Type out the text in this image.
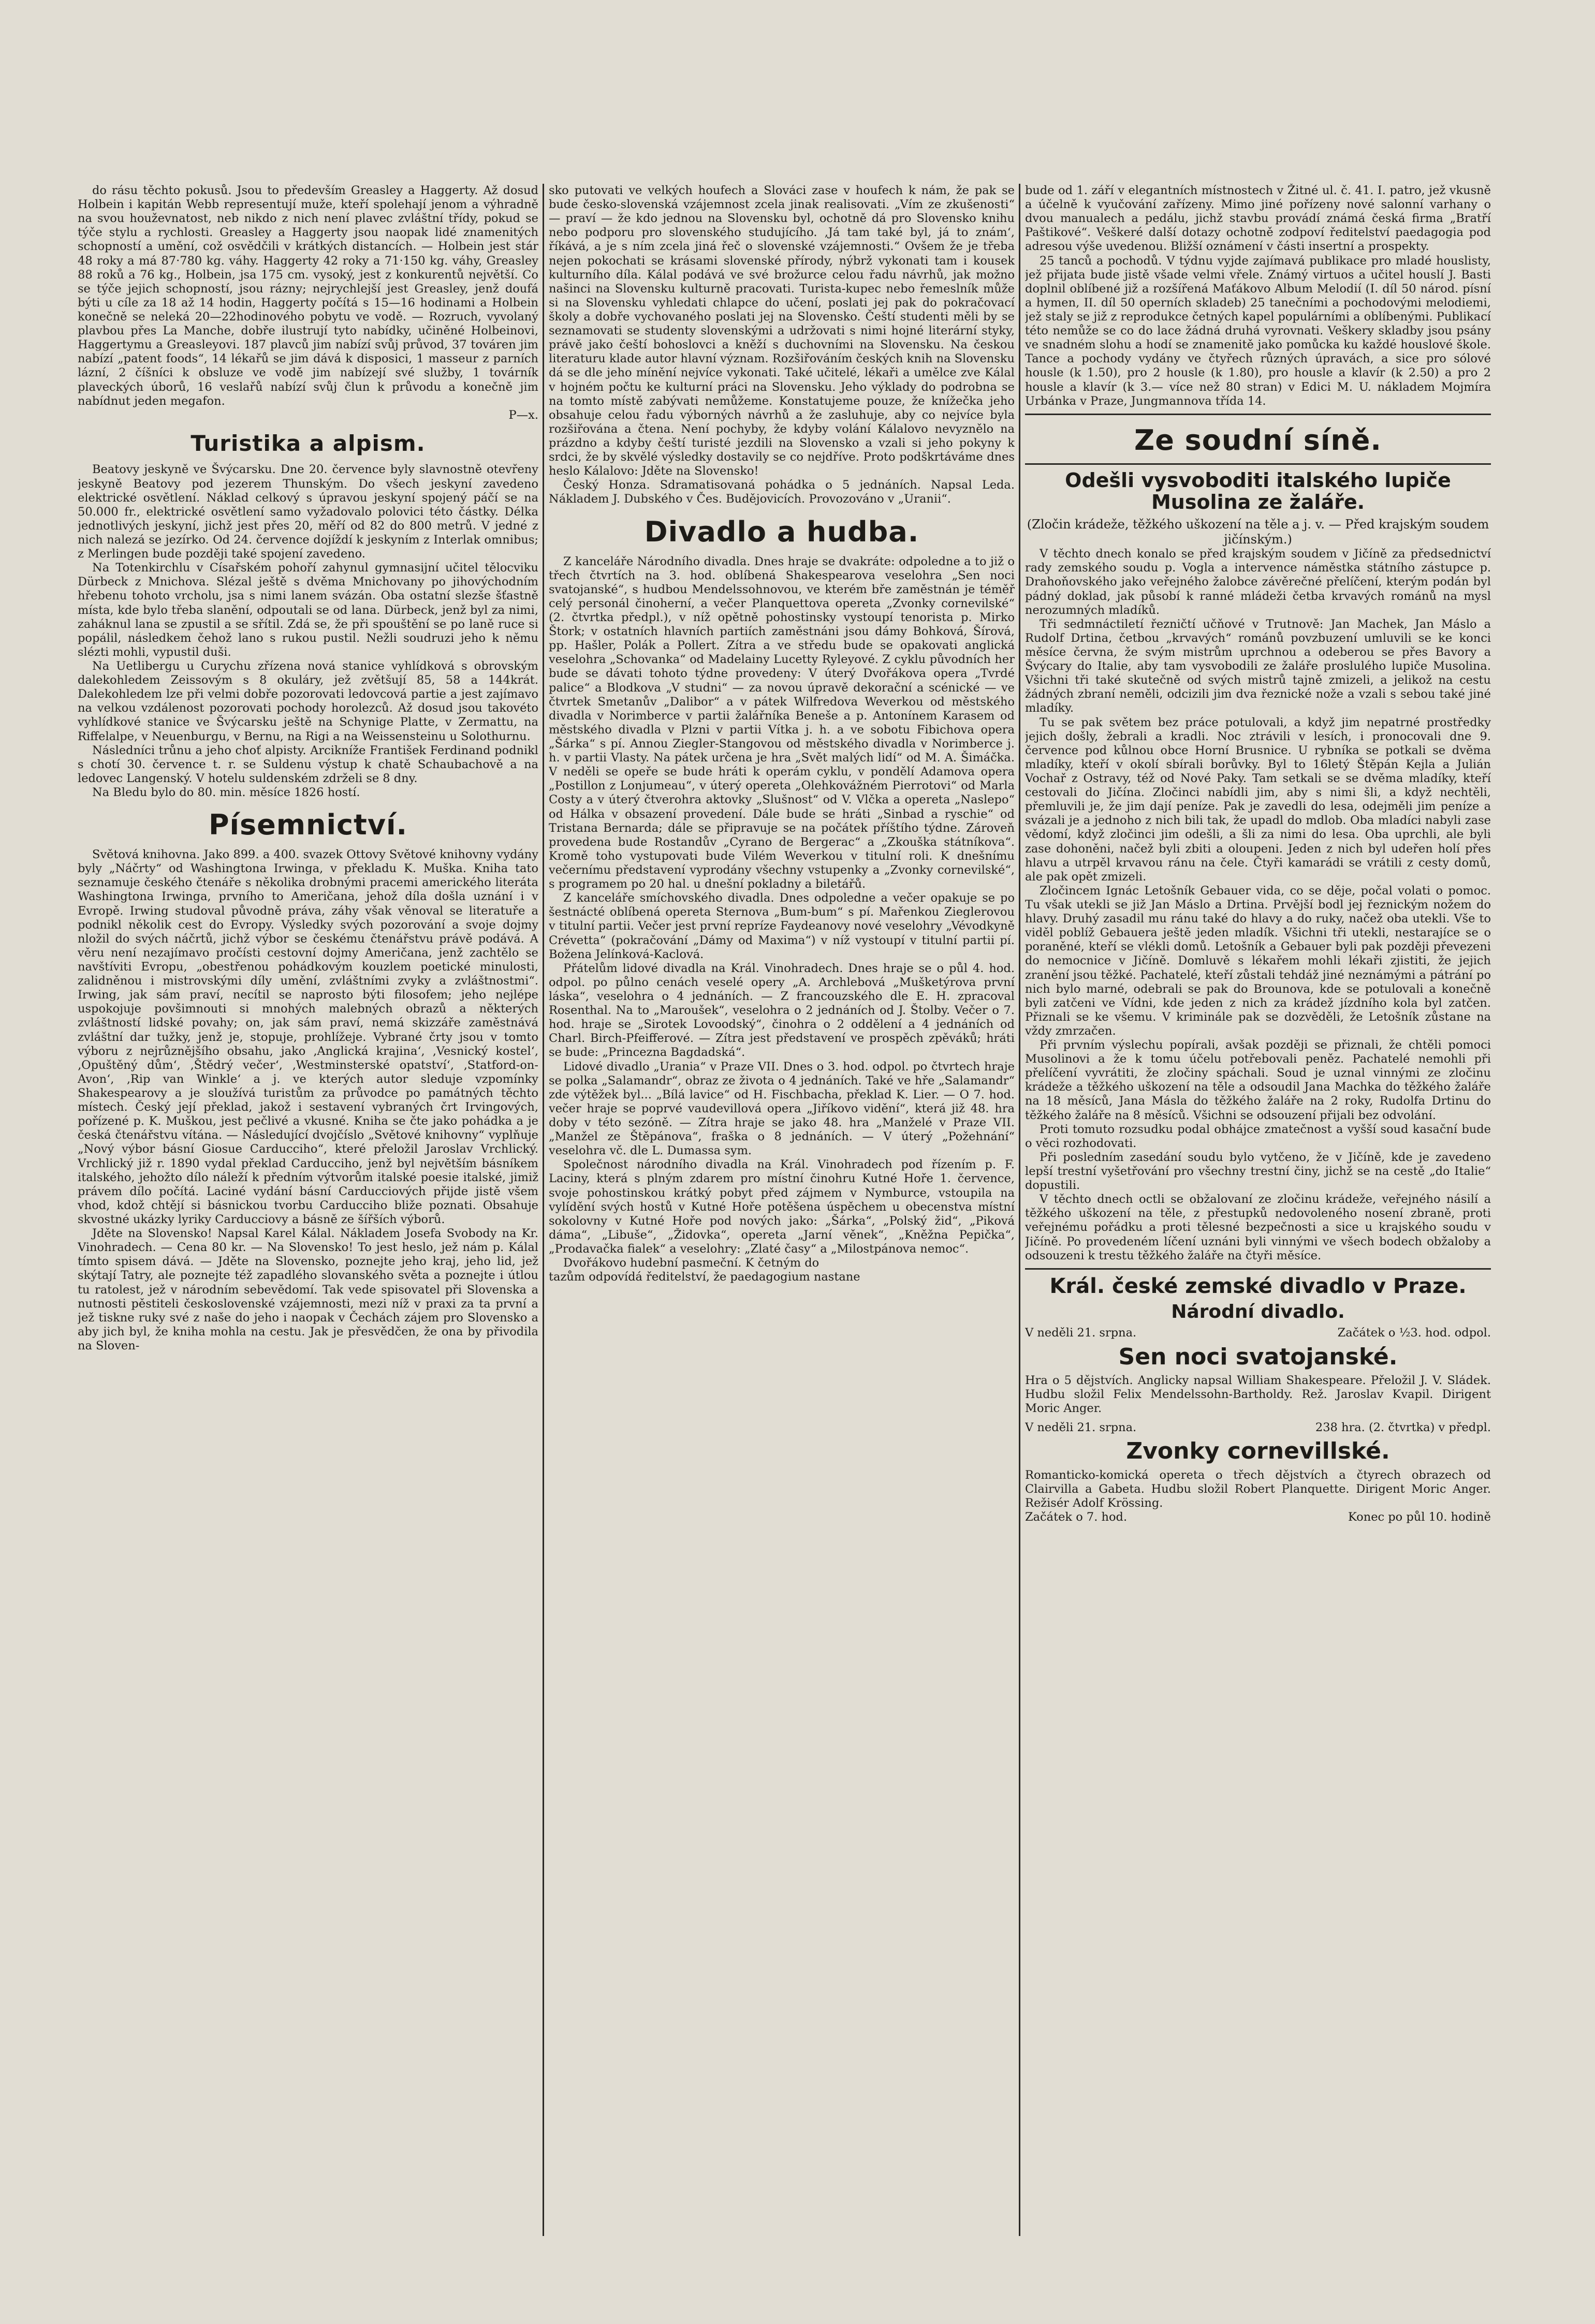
do rásu těchto pokusů. Jsou to především Greasley a Haggerty. Až dosud Holbein i kapitán Webb representují muže, kteří spolehají jenom a výhradně na svou houževnatost, neb nikdo z nich není plavec zvláštní třídy, pokud se týče stylu a rychlosti. Greasley a Haggerty jsou naopak lidé znamenitých schopností a umění, což osvědčili v krátkých distancích. — Holbein jest stár 48 roky a má 87·780 kg. váhy. Haggerty 42 roky a 71·150 kg. váhy, Greasley 88 roků a 76 kg., Holbein, jsa 175 cm. vysoký, jest z konkurentů největší. Co se týče jejich schopností, jsou rázny; nejrychlejší jest Greasley, jenž doufá býti u cíle za 18 až 14 hodin, Haggerty počítá s 15—16 hodinami a Holbein konečně se neleká 20—22hodinového pobytu ve vodě. — Rozruch, vyvolaný plavbou přes La Manche, dobře ilustrují tyto nabídky, učiněné Holbeinovi, Haggertymu a Greasleyovi. 187 plavců jim nabízí svůj průvod, 37 továren jim nabízí „patent foods“, 14 lékařů se jim dává k disposici, 1 masseur z parních lázní, 2 číšníci k obsluze ve vodě jim nabízejí své služby, 1 továrník plaveckých úborů, 16 veslařů nabízí svůj člun k průvodu a konečně jim nabídnut jeden megafon.

P—x.

Turistika a alpism.

Beatovy jeskyně ve Švýcarsku. Dne 20. července byly slavnostně otevřeny jeskyně Beatovy pod jezerem Thunským. Do všech jeskyní zavedeno elektrické osvětlení. Náklad celkový s úpravou jeskyní spojený páčí se na 50.000 fr., elektrické osvětlení samo vyžadovalo polovici této částky. Délka jednotlivých jeskyní, jichž jest přes 20, měří od 82 do 800 metrů. V jedné z nich nalezá se jezírko. Od 24. července dojíždí k jeskyním z Interlak omnibus; z Merlingen bude později také spojení zavedeno.

Na Totenkirchlu v Císařském pohoří zahynul gymnasijní učitel tělocviku Dürbeck z Mnichova. Slézal ještě s dvěma Mnichovany po jihovýchodním hřebenu tohoto vrcholu, jsa s nimi lanem svázán. Oba ostatní slezše šťastně místa, kde bylo třeba slanění, odpoutali se od lana. Dürbeck, jenž byl za nimi, zaháknul lana se zpustil a se sřítil. Zdá se, že při spouštění se po laně ruce si popálil, následkem čehož lano s rukou pustil. Nežli soudruzi jeho k němu slézti mohli, vypustil duši.

Na Uetlibergu u Curychu zřízena nová stanice vyhlídková s obrovským dalekohledem Zeissovým s 8 okuláry, jež zvětšují 85, 58 a 144krát. Dalekohledem lze při velmi dobře pozorovati ledovcová partie a jest zajímavo na velkou vzdálenost pozorovati pochody horolezců. Až dosud jsou takovéto vyhlídkové stanice ve Švýcarsku ještě na Schynige Platte, v Zermattu, na Riffelalpe, v Neuenburgu, v Bernu, na Rigi a na Weissensteinu u Solothurnu.

Následníci trůnu a jeho choť alpisty. Arcikníže František Ferdinand podnikl s chotí 30. července t. r. se Suldenu výstup k chatě Schaubachově a na ledovec Langenský. V hotelu suldenském zdrželi se 8 dny.

Na Bledu bylo do 80. min. měsíce 1826 hostí.

Písemnictví.

Světová knihovna. Jako 899. a 400. svazek Ottovy Světové knihovny vydány byly „Náčrty“ od Washingtona Irwinga, v překladu K. Muška. Kniha tato seznamuje českého čtenáře s několika drobnými pracemi amerického literáta Washingtona Irwinga, prvního to Američana, jehož díla došla uznání i v Evropě. Irwing studoval původně práva, záhy však věnoval se literatuře a podnikl několik cest do Evropy. Výsledky svých pozorování a svoje dojmy nložil do svých náčrtů, jichž výbor se českému čtenářstvu právě podává. A věru není nezajímavo pročísti cestovní dojmy Američana, jenž zachtělo se navštíviti Evropu, „obestřenou pohádkovým kouzlem poetické minulosti, zalidněnou i mistrovskými díly umění, zvláštními zvyky a zvláštnostmi“. Irwing, jak sám praví, necítil se naprosto býti filosofem; jeho nejlépe uspokojuje povšimnouti si mnohých malebných obrazů a některých zvláštností lidské povahy; on, jak sám praví, nemá skizzáře zaměstnává zvláštní dar tužky, jenž je, stopuje, prohlížeje. Vybrané črty jsou v tomto výboru z nejrůznějšího obsahu, jako ‚Anglická krajina‘, ‚Vesnický kostel‘, ‚Opuštěný dům‘, ‚Štědrý večer‘, ‚Westminsterské opatství‘, ‚Statford-on-Avon‘, ‚Rip van Winkle‘ a j. ve kterých autor sleduje vzpomínky Shakespearovy a je sloužívá turistům za průvodce po památných těchto místech. Český její překlad, jakož i sestavení vybraných črt Irvingových, pořízené p. K. Muškou, jest pečlivé a vkusné. Kniha se čte jako pohádka a je česká čtenářstvu vítána. — Následující dvojčíslo „Světové knihovny“ vyplňuje „Nový výbor básní Giosue Carducciho“, které přeložil Jaroslav Vrchlický. Vrchlický již r. 1890 vydal překlad Carducciho, jenž byl největším básníkem italského, jehožto dílo náleží k předním výtvorům italské poesie italské, jimiž právem dílo počítá. Laciné vydání básní Carducciových přijde jistě všem vhod, kdož chtějí si básnickou tvorbu Carducciho bliže poznati. Obsahuje skvostné ukázky lyriky Carducciovy a básně ze šířších výborů.

Jděte na Slovensko! Napsal Karel Kálal. Nákladem Josefa Svobody na Kr. Vinohradech. — Cena 80 kr. — Na Slovensko! To jest heslo, jež nám p. Kálal tímto spisem dává. — Jděte na Slovensko, poznejte jeho kraj, jeho lid, jež skýtají Tatry, ale poznejte též zapadlého slovanského světa a poznejte i útlou tu ratolest, jež v národním sebevědomí. Tak vede spisovatel při Slovenska a nutnosti pěstiteli československé vzájemnosti, mezi níž v praxi za ta první a jež tiskne ruky své z naše do jeho i naopak v Čechách zájem pro Slovensko a aby jich byl, že kniha mohla na cestu. Jak je přesvědčen, že ona by přivodila na Sloven-

sko putovati ve velkých houfech a Slováci zase v houfech k nám, že pak se bude česko-slovenská vzájemnost zcela jinak realisovati. „Vím ze zkušenosti“ — praví — že kdo jednou na Slovensku byl, ochotně dá pro Slovensko knihu nebo podporu pro slovenského studujícího. ‚Já tam také byl, já to znám‘, říkává, a je s ním zcela jiná řeč o slovenské vzájemnosti.“ Ovšem že je třeba nejen pokochati se krásami slovenské přírody, nýbrž vykonati tam i kousek kulturního díla. Kálal podává ve své brožurce celou řadu návrhů, jak možno našinci na Slovensku kulturně pracovati. Turista-kupec nebo řemeslník může si na Slovensku vyhledati chlapce do učení, poslati jej pak do pokračovací školy a dobře vychovaného poslati jej na Slovensko. Čeští studenti měli by se seznamovati se studenty slovenskými a udržovati s nimi hojné literární styky, právě jako čeští bohoslovci a kněží s duchovními na Slovensku. Na českou literaturu klade autor hlavní význam. Rozšiřováním českých knih na Slovensku dá se dle jeho mínění nejvíce vykonati. Také učitelé, lékaři a umělce zve Kálal v hojném počtu ke kulturní práci na Slovensku. Jeho výklady do podrobna se na tomto místě zabývati nemůžeme. Konstatujeme pouze, že knížečka jeho obsahuje celou řadu výborných návrhů a že zasluhuje, aby co nejvíce byla rozšiřována a čtena. Není pochyby, že kdyby volání Kálalovo nevyznělo na prázdno a kdyby čeští turisté jezdili na Slovensko a vzali si jeho pokyny k srdci, že by skvělé výsledky dostavily se co nejdříve. Proto podškrtáváme dnes heslo Kálalovo: Jděte na Slovensko!

Český Honza. Sdramatisovaná pohádka o 5 jednáních. Napsal Leda. Nákladem J. Dubského v Čes. Budějovicích. Provozováno v „Uranii“.

Divadlo a hudba.

Z kanceláře Národního divadla. Dnes hraje se dvakráte: odpoledne a to již o třech čtvrtích na 3. hod. oblíbená Shakespearova veselohra „Sen noci svatojanské“, s hudbou Mendelssohnovou, ve kterém bře zaměstnán je téměř celý personál činoherní, a večer Planquettova opereta „Zvonky cornevilské“ (2. čtvrtka předpl.), v níž opětně pohostinsky vystoupí tenorista p. Mirko Štork; v ostatních hlavních partiích zaměstnáni jsou dámy Bohková, Šírová, pp. Hašler, Polák a Pollert. Zítra a ve středu bude se opakovati anglická veselohra „Schovanka“ od Madelainy Lucetty Ryleyové. Z cyklu původních her bude se dávati tohoto týdne provedeny: V úterý Dvořákova opera „Tvrdé palice“ a Blodkova „V studni“ — za novou úpravě dekorační a scénické — ve čtvrtek Smetanův „Dalibor“ a v pátek Wilfredova Weverkou od městského divadla v Norimberce v partii žalářníka Beneše a p. Antonínem Karasem od městského divadla v Plzni v partii Vítka j. h. a ve sobotu Fibichova opera „Šárka“ s pí. Annou Ziegler-Stangovou od městského divadla v Norimberce j. h. v partii Vlasty. Na pátek určena je hra „Svět malých lidí“ od M. A. Šimáčka. V neděli se opeře se bude hráti k operám cyklu, v pondělí Adamova opera „Postillon z Lonjumeau“, v úterý opereta „Olehkovážném Pierrotovi“ od Marla Costy a v úterý čtverohra aktovky „Slušnost“ od V. Vlčka a opereta „Naslepo“ od Hálka v obsazení provedení. Dále bude se hráti „Sinbad a ryschie“ od Tristana Bernarda; dále se připravuje se na počátek příštího týdne. Zároveň provedena bude Rostandův „Cyrano de Bergerac“ a „Zkouška státníkova“. Kromě toho vystupovati bude Vilém Weverkou v titulní roli. K dnešnímu večernímu představení vyprodány všechny vstupenky a „Zvonky cornevilské“, s programem po 20 hal. u dnešní pokladny a biletářů.

Z kanceláře smíchovského divadla. Dnes odpoledne a večer opakuje se po šestnácté oblíbená opereta Sternova „Bum-bum“ s pí. Mařenkou Zieglerovou v titulní partii. Večer jest první repríze Faydeanovy nové veselohry „Vévodkyně Crévetta“ (pokračování „Dámy od Maxima“) v níž vystoupí v titulní partii pí. Božena Jelínková-Kaclová.

Přátelům lidové divadla na Král. Vinohradech. Dnes hraje se o půl 4. hod. odpol. po půlno cenách veselé opery „A. Archlebová „Mušketýrova první láska“, veselohra o 4 jednáních. — Z francouzského dle E. H. zpracoval Rosenthal. Na to „Maroušek“, veselohra o 2 jednáních od J. Štolby. Večer o 7. hod. hraje se „Sirotek Lovoodský“, činohra o 2 oddělení a 4 jednáních od Charl. Birch-Pfeifferové. — Zítra jest představení ve prospěch zpěváků; hráti se bude: „Princezna Bagdadská“.

Lidové divadlo „Urania“ v Praze VII. Dnes o 3. hod. odpol. po čtvrtech hraje se polka „Salamandr“, obraz ze života o 4 jednáních. Také ve hře „Salamandr“ zde výtěžek byl... „Bílá lavice“ od H. Fischbacha, překlad K. Lier. — O 7. hod. večer hraje se poprvé vaudevillová opera „Jiříkovo vidění“, která již 48. hra doby v této sezóně. — Zítra hraje se jako 48. hra „Manželé v Praze VII. „Manžel ze Štěpánova“, fraška o 8 jednáních. — V úterý „Požehnání“ veselohra vč. dle L. Dumassa sym.

Společnost národního divadla na Král. Vinohradech pod řízením p. F. Laciny, která s plným zdarem pro místní činohru Kutné Hoře 1. července, svoje pohostinskou krátký pobyt před zájmem v Nymburce, vstoupila na vylídění svých hostů v Kutné Hoře potěšena úspěchem u obecenstva místní sokolovny v Kutné Hoře pod nových jako: „Šárka“, „Polský žid“, „Piková dáma“, „Libuše“, „Židovka“, opereta „Jarní věnek“, „Kněžna Pepička“, „Prodavačka fialek“ a veselohry: „Zlaté časy“ a „Milostpánova nemoc“.

Dvořákovo hudební pasmeční. K četným do

tazům odpovídá ředitelství, že paedagogium nastane

bude od 1. září v elegantních místnostech v Žitné ul. č. 41. I. patro, jež vkusně a účelně k vyučování zařízeny. Mimo jiné pořízeny nové salonní varhany o dvou manualech a pedálu, jichž stavbu provádí známá česká firma „Bratří Paštikové“. Veškeré další dotazy ochotně zodpoví ředitelství paedagogia pod adresou výše uvedenou. Bližší oznámení v části insertní a prospekty.

25 tanců a pochodů. V týdnu vyjde zajímavá publikace pro mladé houslisty, jež přijata bude jistě všade velmi vřele. Známý virtuos a učitel houslí J. Basti doplnil oblíbené již a rozšířená Maťákovo Album Melodií (I. díl 50 národ. písní a hymen, II. díl 50 operních skladeb) 25 tanečními a pochodovými melodiemi, jež staly se již z reprodukce četných kapel populárními a oblíbenými. Publikací této nemůže se co do lace žádná druhá vyrovnati. Veškery skladby jsou psány ve snadném slohu a hodí se znamenitě jako pomůcka ku každé houslové škole. Tance a pochody vydány ve čtyřech různých úpravách, a sice pro sólové housle (k 1.50), pro 2 housle (k 1.80), pro housle a klavír (k 2.50) a pro 2 housle a klavír (k 3.— více než 80 stran) v Edici M. U. nákladem Mojmíra Urbánka v Praze, Jungmannova třída 14.

Ze soudní síně.
Odešli vysvoboditi italského lupiče Musolina ze žaláře.

(Zločin krádeže, těžkého uškození na těle a j. v. — Před krajským soudem jičínským.)

V těchto dnech konalo se před krajským soudem v Jičíně za předsednictví rady zemského soudu p. Vogla a intervence náměstka státního zástupce p. Drahoňovského jako veřejného žalobce závěrečné přelíčení, kterým podán byl pádný doklad, jak působí k ranné mládeži četba krvavých románů na mysl nerozumných mladíků.

Tři sedmnáctiletí řezničtí učňové v Trutnově: Jan Machek, Jan Máslo a Rudolf Drtina, četbou „krvavých“ románů povzbuzení umluvili se ke konci měsíce června, že svým mistrům uprchnou a odeberou se přes Bavory a Švýcary do Italie, aby tam vysvobodili ze žaláře proslulého lupiče Musolina. Všichni tři také skutečně od svých mistrů tajně zmizeli, a jelikož na cestu žádných zbraní neměli, odcizili jim dva řeznické nože a vzali s sebou také jiné mladíky.

Tu se pak světem bez práce potulovali, a když jim nepatrné prostředky jejich došly, žebrali a kradli. Noc ztrávili v lesích, i pronocovali dne 9. července pod kůlnou obce Horní Brusnice. U rybníka se potkali se dvěma mladíky, kteří v okolí sbírali borůvky. Byl to 16letý Štěpán Kejla a Julián Vochař z Ostravy, též od Nové Paky. Tam setkali se se dvěma mladíky, kteří cestovali do Jičína. Zločinci nabídli jim, aby s nimi šli, a když nechtěli, přemluvili je, že jim dají peníze. Pak je zavedli do lesa, odejměli jim peníze a svázali je a jednoho z nich bili tak, že upadl do mdlob. Oba mladíci nabyli zase vědomí, když zločinci jim odešli, a šli za nimi do lesa. Oba uprchli, ale byli zase dohoněni, načež byli zbiti a oloupeni. Jeden z nich byl udeřen holí přes hlavu a utrpěl krvavou ránu na čele. Čtyři kamarádi se vrátili z cesty domů, ale pak opět zmizeli.

Zločincem Ignác Letošník Gebauer vida, co se děje, počal volati o pomoc. Tu však utekli se již Jan Máslo a Drtina. Prvější bodl jej řeznickým nožem do hlavy. Druhý zasadil mu ránu také do hlavy a do ruky, načež oba utekli. Vše to viděl poblíž Gebauera ještě jeden mladík. Všichni tři utekli, nestarajíce se o poraněné, kteří se vlékli domů. Letošník a Gebauer byli pak později převezeni do nemocnice v Jičíně. Domluvě s lékařem mohli lékaři zjistiti, že jejich zranění jsou těžké. Pachatelé, kteří zůstali tehdáž jiné neznámými a pátrání po nich bylo marné, odebrali se pak do Brounova, kde se potulovali a konečně byli zatčeni ve Vídni, kde jeden z nich za krádež jízdního kola byl zatčen. Přiznali se ke všemu. V kriminále pak se dozvěděli, že Letošník zůstane na vždy zmrzačen.

Při prvním výslechu popírali, avšak později se přiznali, že chtěli pomoci Musolinovi a že k tomu účelu potřebovali peněz. Pachatelé nemohli při přelíčení vyvrátiti, že zločiny spáchali. Soud je uznal vinnými ze zločinu krádeže a těžkého uškození na těle a odsoudil Jana Machka do těžkého žaláře na 18 měsíců, Jana Másla do těžkého žaláře na 2 roky, Rudolfa Drtinu do těžkého žaláře na 8 měsíců. Všichni se odsouzení přijali bez odvolání.

Proti tomuto rozsudku podal obhájce zmatečnost a vyšší soud kasační bude o věci rozhodovati.

Při posledním zasedání soudu bylo vytčeno, že v Jičíně, kde je zavedeno lepší trestní vyšetřování pro všechny trestní činy, jichž se na cestě „do Italie“ dopustili.

V těchto dnech octli se obžalovaní ze zločinu krádeže, veřejného násilí a těžkého uškození na těle, z přestupků nedovoleného nosení zbraně, proti veřejnému pořádku a proti tělesné bezpečnosti a sice u krajského soudu v Jičíně. Po provedeném líčení uznáni byli vinnými ve všech bodech obžaloby a odsouzeni k trestu těžkého žaláře na čtyři měsíce.

Král. české zemské divadlo v Praze.
Národní divadlo.
V neděli 21. srpna.	Začátek o ½3. hod. odpol.
Sen noci svatojanské.

Hra o 5 dějstvích. Anglicky napsal William Shakespeare. Přeložil J. V. Sládek. Hudbu složil Felix Mendelssohn-Bartholdy. Rež. Jaroslav Kvapil. Dirigent Moric Anger.

V neděli 21. srpna.	238 hra. (2. čtvrtka) v předpl.
Zvonky cornevillské.

Romanticko-komická opereta o třech dějstvích a čtyrech obrazech od Clairvilla a Gabeta. Hudbu složil Robert Planquette. Dirigent Moric Anger. Režisér Adolf Krössing.

Začátek o 7. hod.	Konec po půl 10. hodině
